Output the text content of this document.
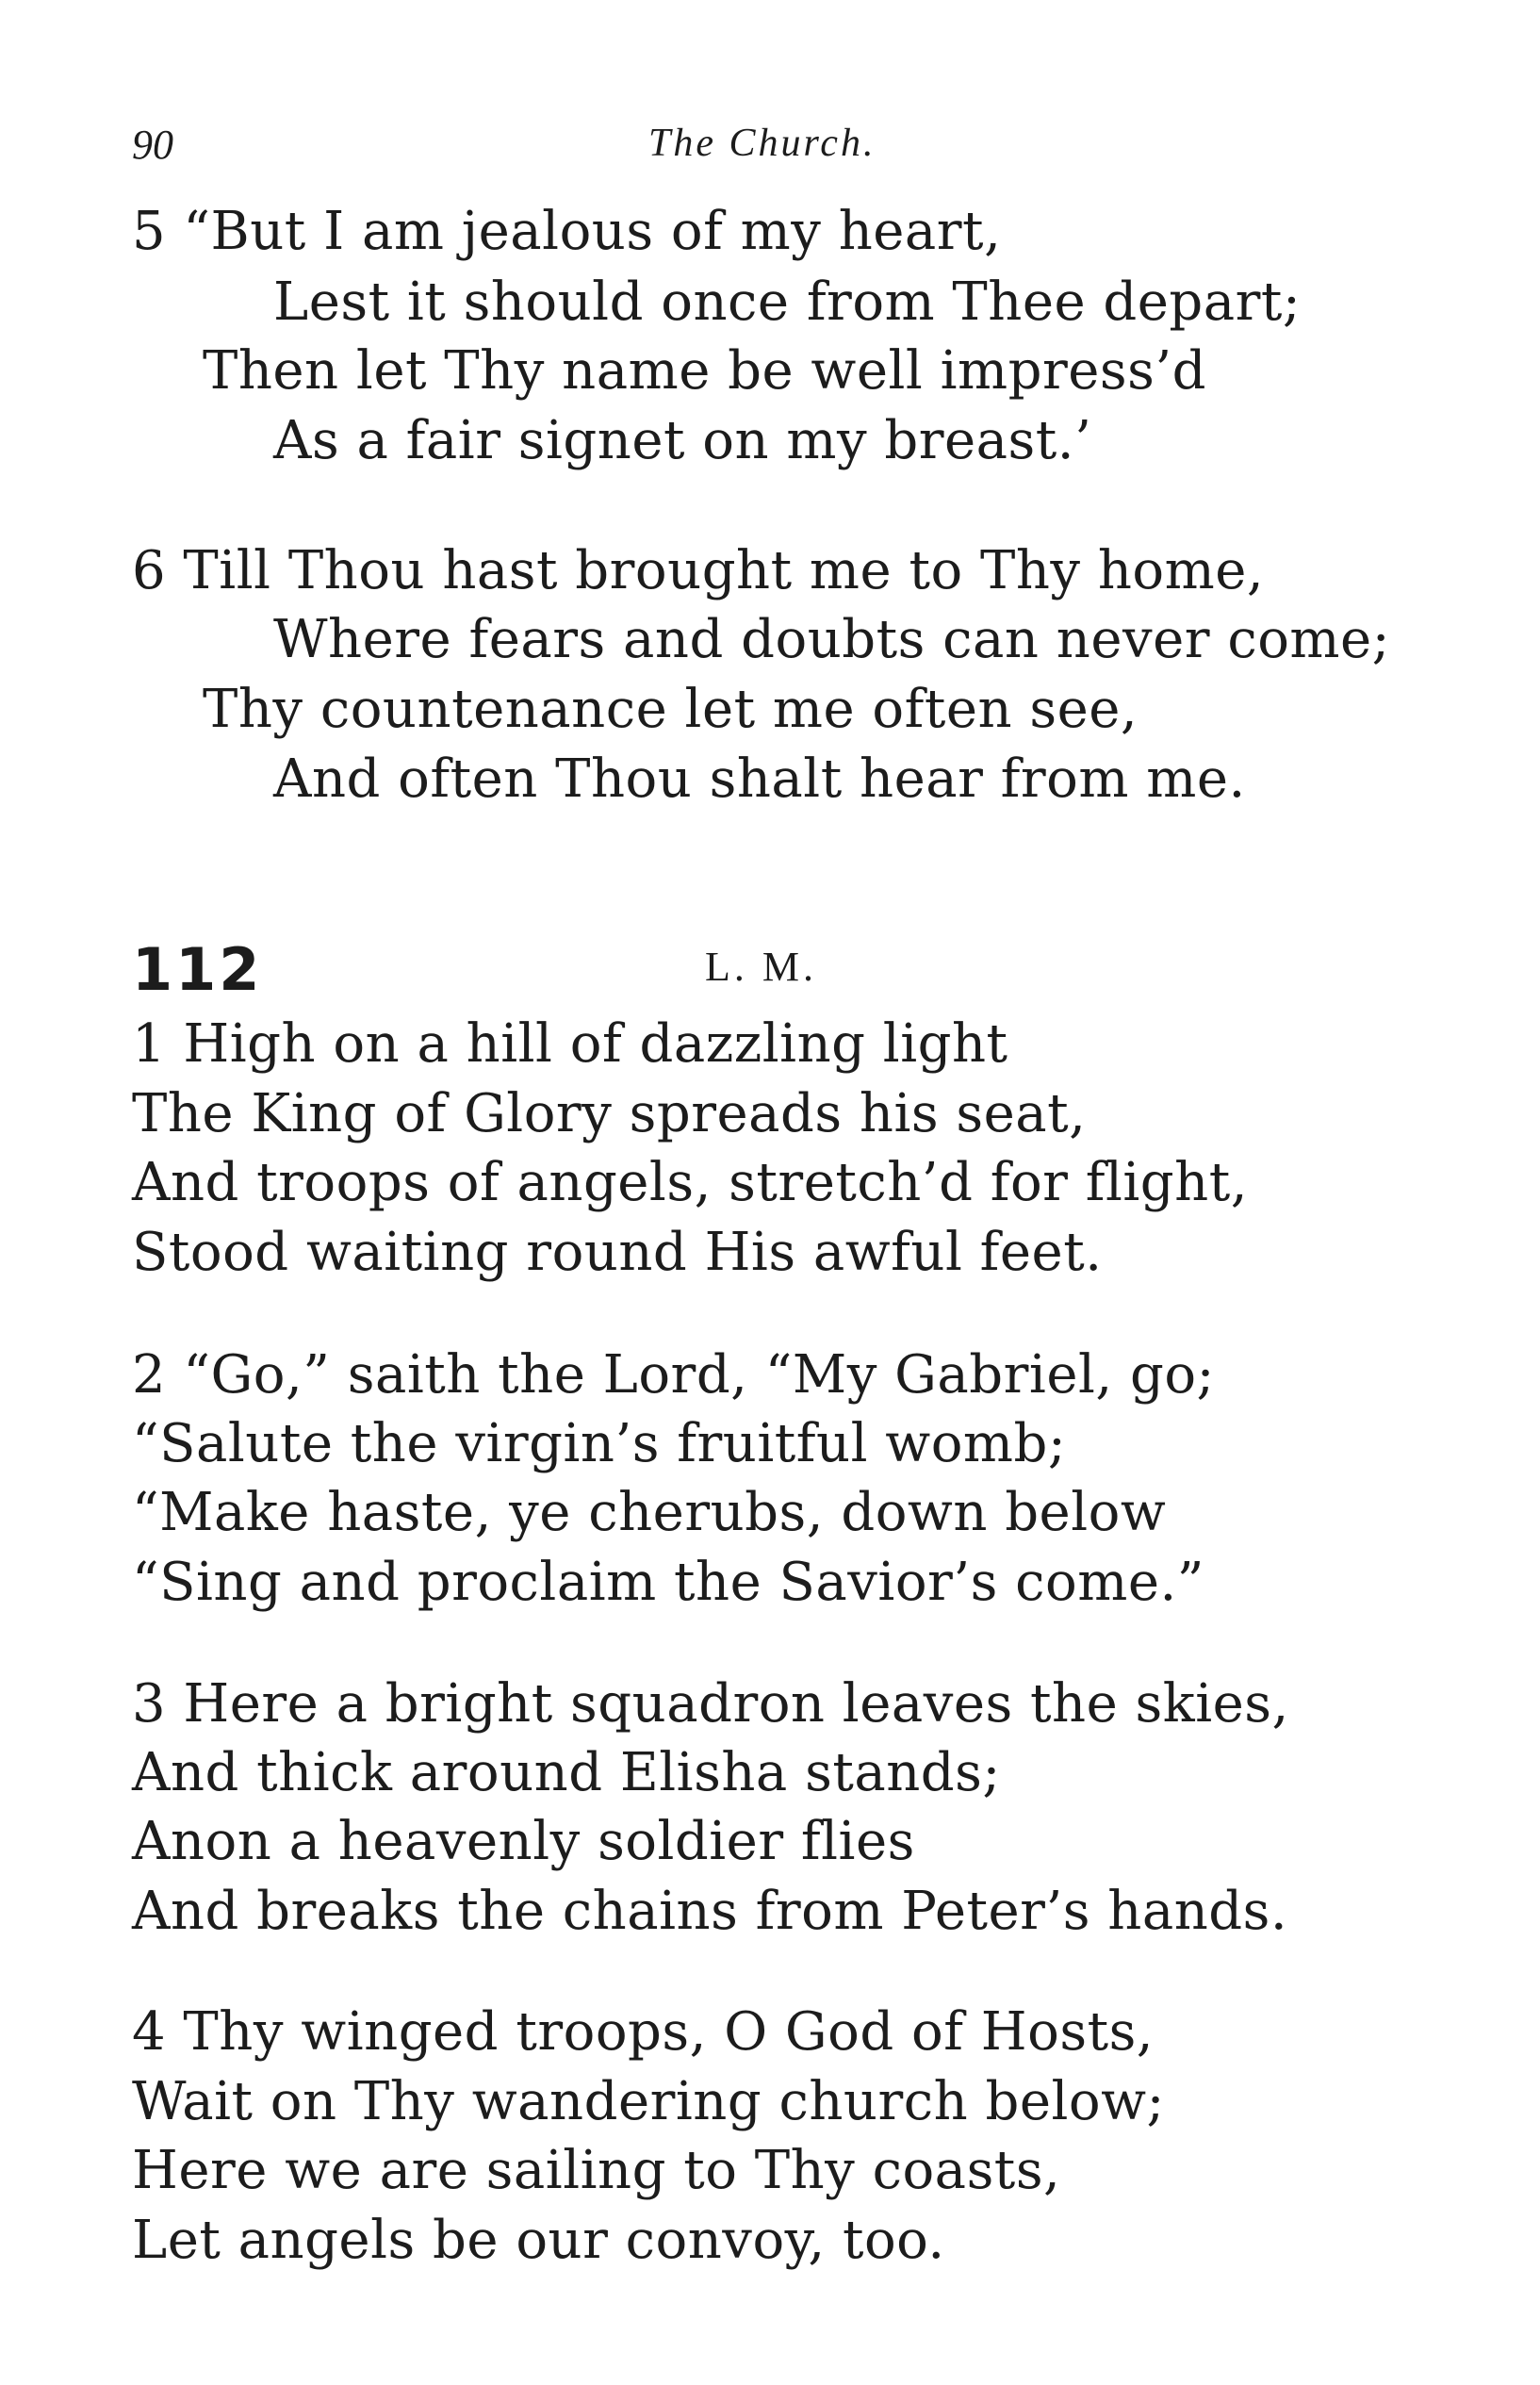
90	The Church.
5 “But I am jealous of my heart,
Lest it should once from Thee depart;
Then let Thy name be well impress’d
As a fair signet on my breast.’
6 Till Thou hast brought me to Thy home,
Where fears and doubts can never come;
Thy countenance let me often see,
And often Thou shalt hear from me.
112	L. M.
1 High on a hill of dazzling light
The King of Glory spreads his seat,
And troops of angels, stretch’d for flight,
Stood waiting round His awful feet.
2 “Go,” saith the Lord, “My Gabriel, go;
“Salute the virgin’s fruitful womb;
“Make haste, ye cherubs, down below
“Sing and proclaim the Savior’s come.”
3 Here a bright squadron leaves the skies,
And thick around Elisha stands;
Anon a heavenly soldier flies
And breaks the chains from Peter’s hands.
4 Thy winged troops, O God of Hosts,
Wait on Thy wandering church below;
Here we are sailing to Thy coasts,
Let angels be our convoy, too.
